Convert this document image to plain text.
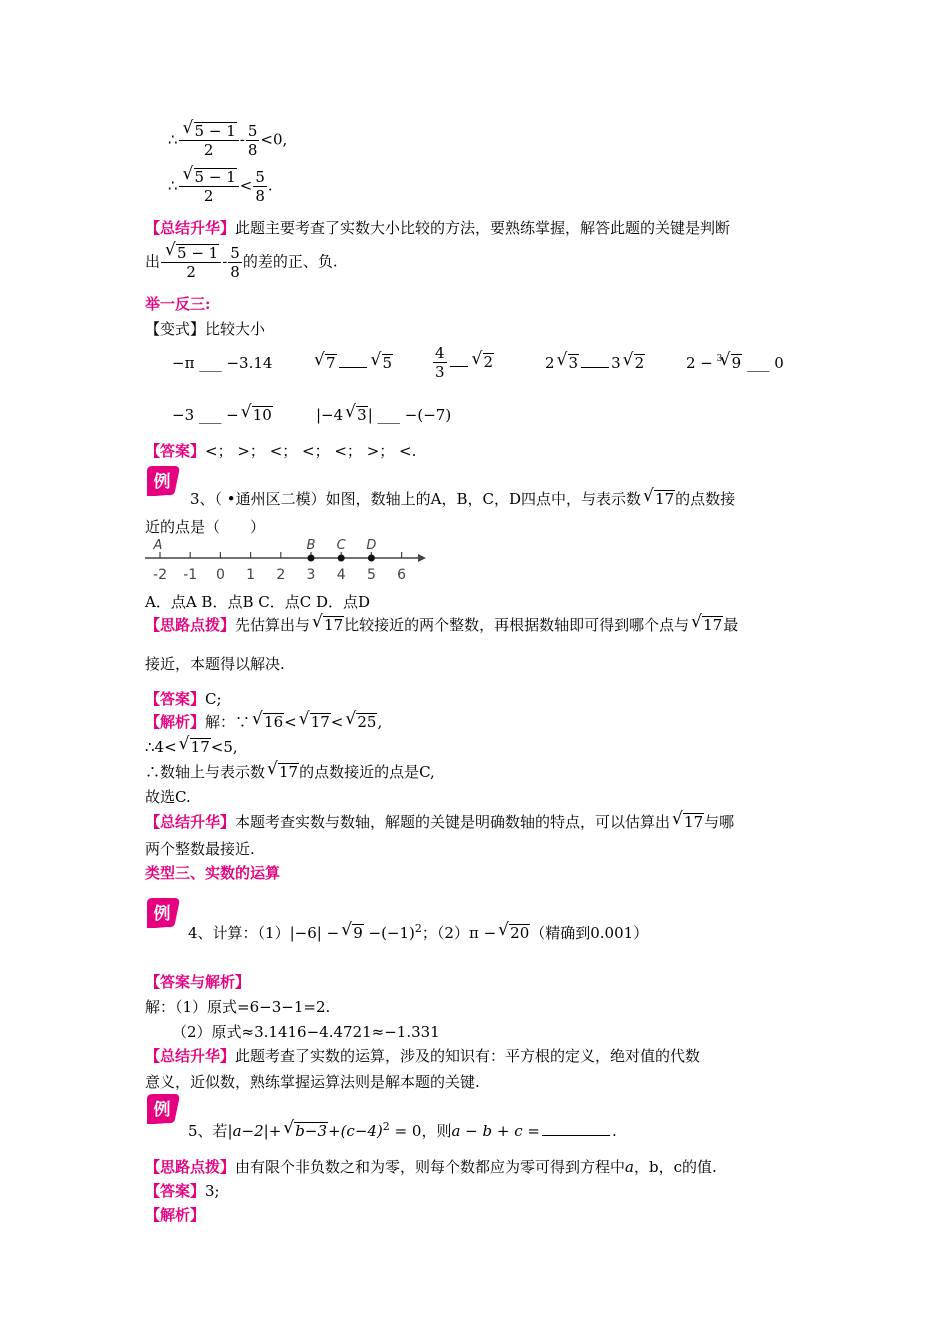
∴ √ $\frac{5 - 1}{2} - \frac{5}{8} <0$,
∴ √ $\frac{5 - 1}{2} < \frac{5}{8}$ .
【总结升华】此题主要考查了实数大小比较的方法，要熟练掌握，解答此题的关键是判断
出 √ $\frac{5 - 1}{2} - \frac{5}{8}$ 的差的正、负.
举一反三:
【变式】比较大小
−π ___ −3.14	√ 7	√ 5	$\frac{4}{3}$ √ 2	2 √ 3 3 √ 2	2 − √ 3 9 ___ 0
−3 ___ − √ 10	|−4 √ 3| ___ −(−7)
【答案】<； >； <； <； <； >； <.
例
3、（ •通州区二模）如图，数轴上的A，B，C，D四点中，与表示数 √ 17的点数接
近的点是（　　）
-2 -1 0 1 2 3 4 5 6
A	B C D
A．点A B．点B C．点C D．点D
【思路点拨】先估算出与 √ 17比较接近的两个整数，再根据数轴即可得到哪个点与 √ 17最
接近，本题得以解决.
【答案】C;
【解析】解：∵ √ 16< √ 17< √ 25,
∴4< √ 17<5,
∴数轴上与表示数 √ 17的点数接近的点是C,
故选C.
【总结升华】本题考查实数与数轴，解题的关键是明确数轴的特点，可以估算出 √ 17与哪
两个整数最接近.
类型三、实数的运算
例
4、计算：（1）|−6| − √ $9 -(-1)^2$；（2）π − √ 20（精确到0.001）
【答案与解析】
解：（1）原式=6−3−1=2.
（2）原式≈3.1416−4.4721≈−1.331
【总结升华】此题考查了实数的运算，涉及的知识有：平方根的定义，绝对值的代数
意义，近似数，熟练掌握运算法则是解本题的关键.
例
5、若|a−2|+ √ $b-3+(c-4)^2 = 0$，则a − b + c =	.
【思路点拨】由有限个非负数之和为零，则每个数都应为零可得到方程中a，b，c的值.
【答案】3;
【解析】
